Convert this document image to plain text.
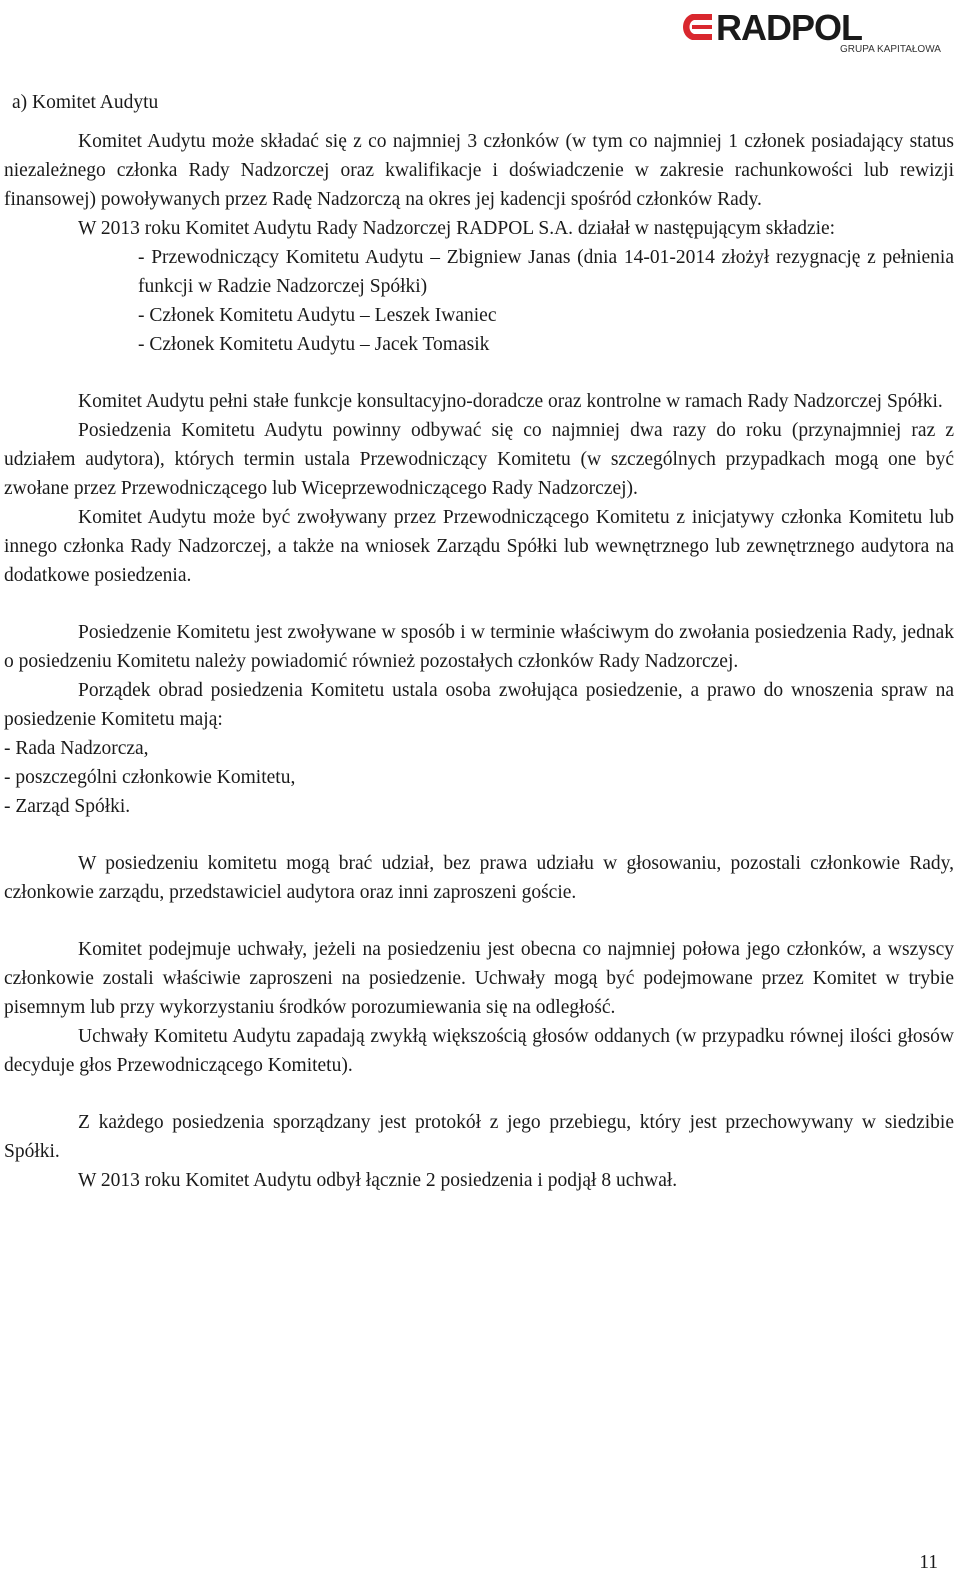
RADPOL
GRUPA KAPITAŁOWA

a) Komitet Audytu

Komitet Audytu może składać się z co najmniej 3 członków (w tym co najmniej 1 członek posiadający status niezależnego członka Rady Nadzorczej oraz kwalifikacje i doświadczenie w zakresie rachunkowości lub rewizji finansowej) powoływanych przez Radę Nadzorczą na okres jej kadencji spośród członków Rady.

W 2013 roku Komitet Audytu Rady Nadzorczej RADPOL S.A. działał w następującym składzie:

- Przewodniczący Komitetu Audytu – Zbigniew Janas (dnia 14-01-2014 złożył rezygnację z pełnienia funkcji w Radzie Nadzorczej Spółki)

- Członek Komitetu Audytu – Leszek Iwaniec

- Członek Komitetu Audytu – Jacek Tomasik

Komitet Audytu pełni stałe funkcje konsultacyjno-doradcze oraz kontrolne w ramach Rady Nadzorczej Spółki.

Posiedzenia Komitetu Audytu powinny odbywać się co najmniej dwa razy do roku (przynajmniej raz z udziałem audytora), których termin ustala Przewodniczący Komitetu (w szczególnych przypadkach mogą one być zwołane przez Przewodniczącego lub Wiceprzewodniczącego Rady Nadzorczej).

Komitet Audytu może być zwoływany przez Przewodniczącego Komitetu z inicjatywy członka Komitetu lub innego członka Rady Nadzorczej, a także na wniosek Zarządu Spółki lub wewnętrznego lub zewnętrznego audytora na dodatkowe posiedzenia.

Posiedzenie Komitetu jest zwoływane w sposób i w terminie właściwym do zwołania posiedzenia Rady, jednak o posiedzeniu Komitetu należy powiadomić również pozostałych członków Rady Nadzorczej.

Porządek obrad posiedzenia Komitetu ustala osoba zwołująca posiedzenie, a prawo do wnoszenia spraw na posiedzenie Komitetu mają:

- Rada Nadzorcza,

- poszczególni członkowie Komitetu,

- Zarząd Spółki.

W posiedzeniu komitetu mogą brać udział, bez prawa udziału w głosowaniu, pozostali członkowie Rady, członkowie zarządu, przedstawiciel audytora oraz inni zaproszeni goście.

Komitet podejmuje uchwały, jeżeli na posiedzeniu jest obecna co najmniej połowa jego członków, a wszyscy członkowie zostali właściwie zaproszeni na posiedzenie. Uchwały mogą być podejmowane przez Komitet w trybie pisemnym lub przy wykorzystaniu środków porozumiewania się na odległość.

Uchwały Komitetu Audytu zapadają zwykłą większością głosów oddanych (w przypadku równej ilości głosów decyduje głos Przewodniczącego Komitetu).

Z każdego posiedzenia sporządzany jest protokół z jego przebiegu, który jest przechowywany w siedzibie Spółki.

W 2013 roku Komitet Audytu odbył łącznie 2 posiedzenia i podjął 8 uchwał.

11
